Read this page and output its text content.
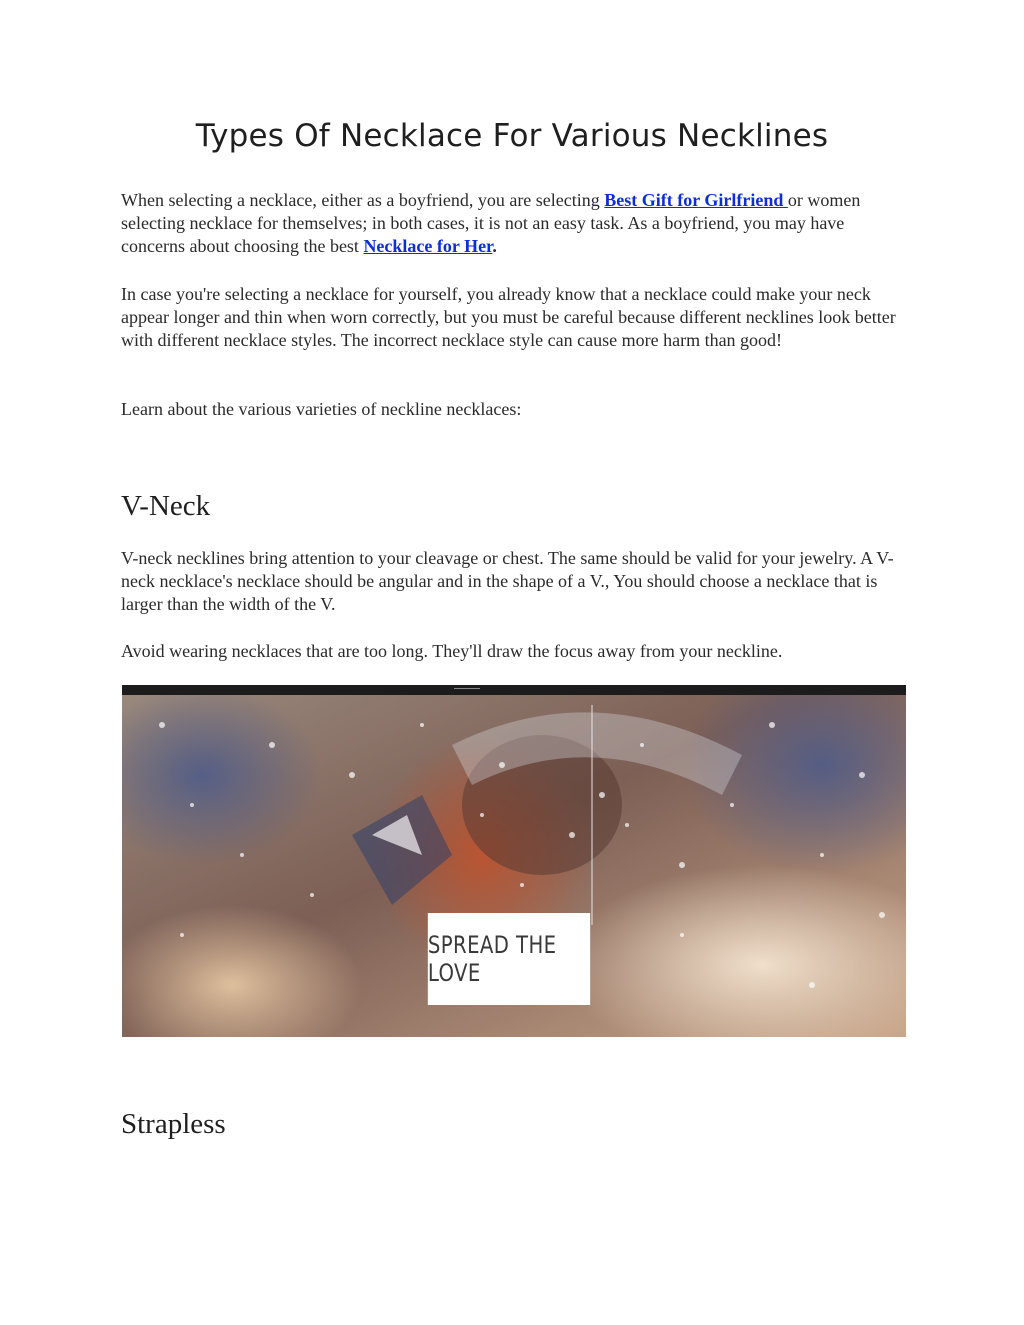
Types Of Necklace For Various Necklines

When selecting a necklace, either as a boyfriend, you are selecting Best Gift for Girlfriend or women selecting necklace for themselves; in both cases, it is not an easy task. As a boyfriend, you may have concerns about choosing the best Necklace for Her.

In case you're selecting a necklace for yourself, you already know that a necklace could make your neck appear longer and thin when worn correctly, but you must be careful because different necklines look better with different necklace styles. The incorrect necklace style can cause more harm than good!

Learn about the various varieties of neckline necklaces:

V-Neck

V-neck necklines bring attention to your cleavage or chest. The same should be valid for your jewelry. A V-neck necklace's necklace should be angular and in the shape of a V., You should choose a necklace that is larger than the width of the V.

Avoid wearing necklaces that are too long. They'll draw the focus away from your neckline.

SPREAD THE LOVE
Strapless
